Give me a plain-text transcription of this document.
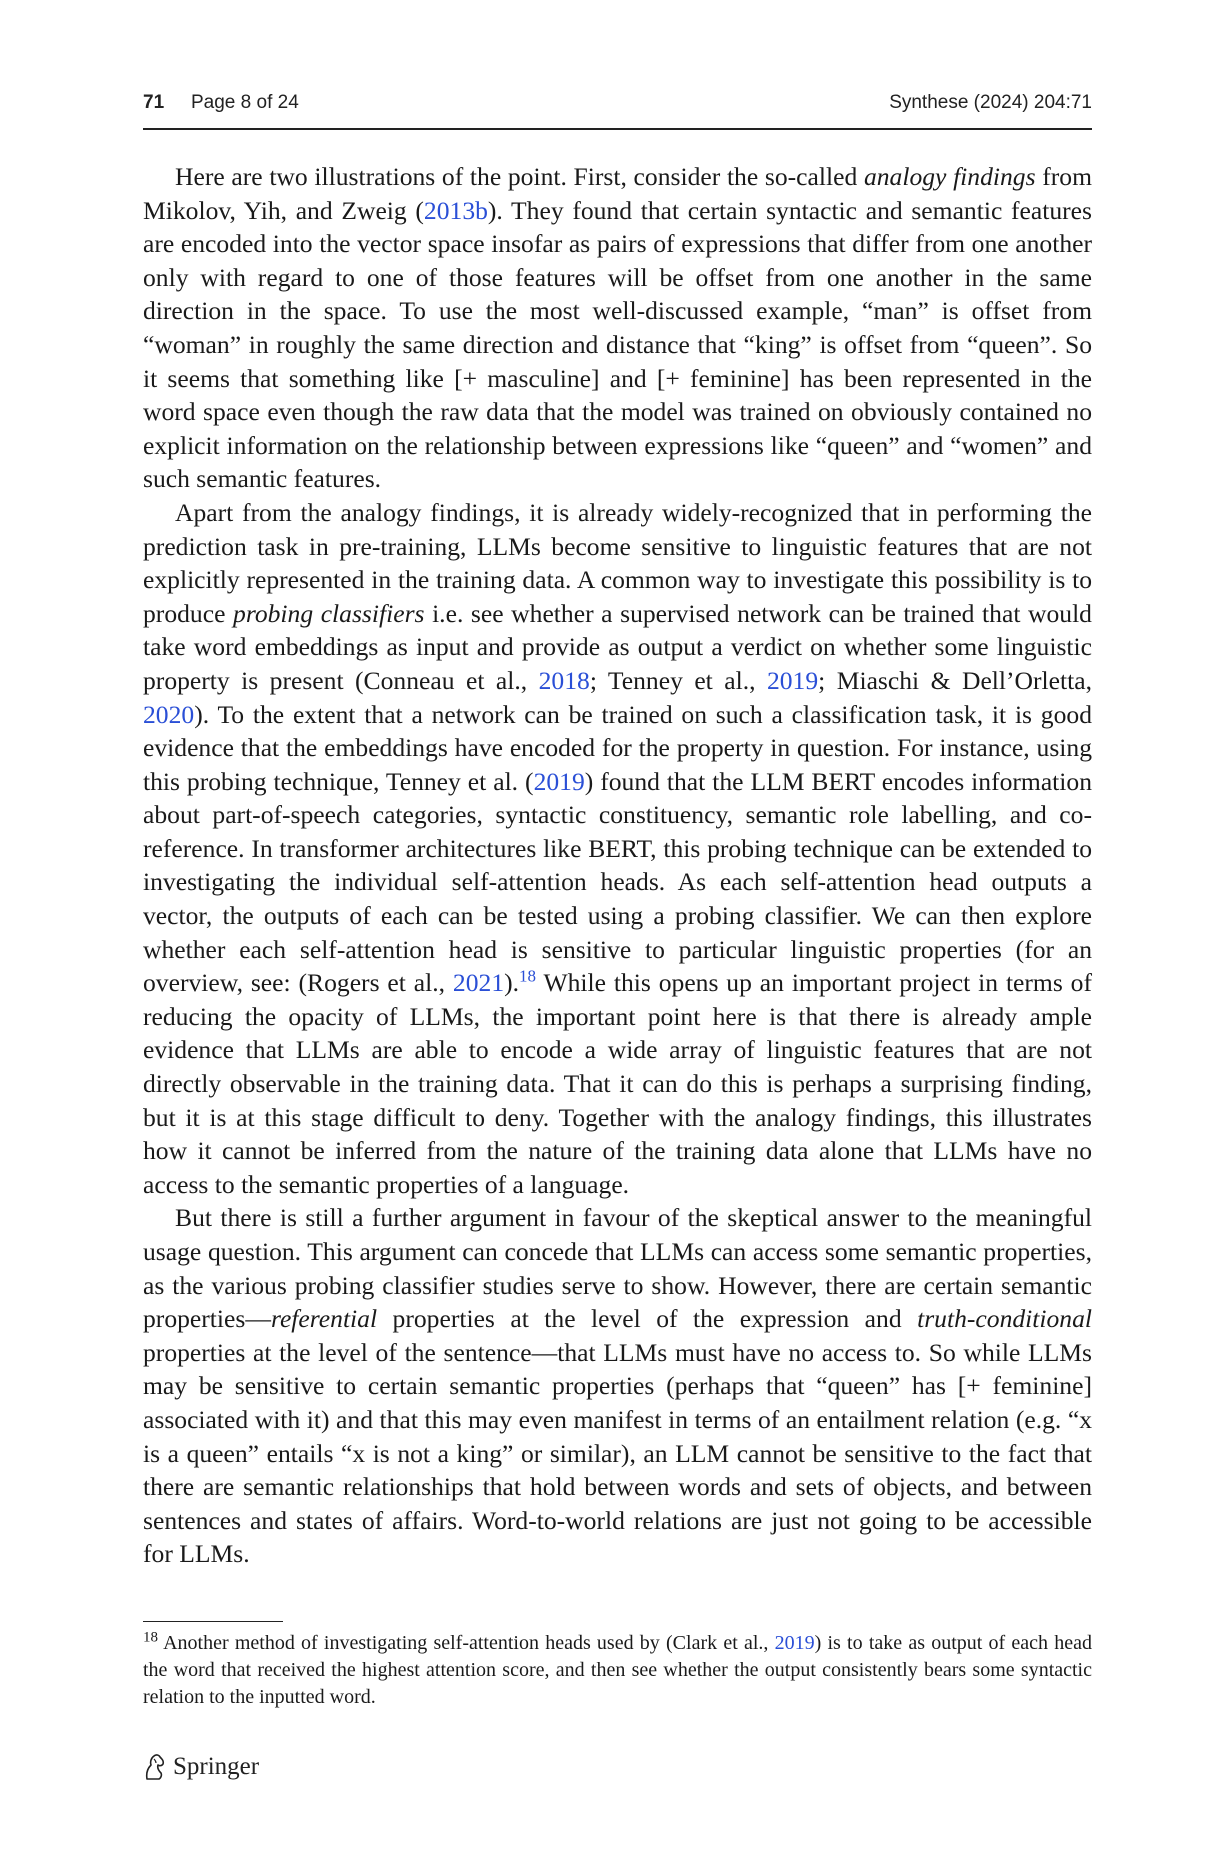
71 Page 8 of 24	Synthese (2024) 204:71

Here are two illustrations of the point. First, consider the so-called analogy findings from Mikolov, Yih, and Zweig (2013b). They found that certain syntactic and semantic features are encoded into the vector space insofar as pairs of expressions that differ from one another only with regard to one of those features will be offset from one another in the same direction in the space. To use the most well-discussed example, “man” is offset from “woman” in roughly the same direction and distance that “king” is offset from “queen”. So it seems that something like [+ masculine] and [+ feminine] has been represented in the word space even though the raw data that the model was trained on obviously contained no explicit information on the relationship between expressions like “queen” and “women” and such semantic features.

Apart from the analogy findings, it is already widely-recognized that in performing the prediction task in pre-training, LLMs become sensitive to linguistic features that are not explicitly represented in the training data. A common way to investigate this possibility is to produce probing classifiers i.e. see whether a supervised network can be trained that would take word embeddings as input and provide as output a verdict on whether some linguistic property is present (Conneau et al., 2018; Tenney et al., 2019; Miaschi & Dell’Orletta, 2020). To the extent that a network can be trained on such a classification task, it is good evidence that the embeddings have encoded for the property in question. For instance, using this probing technique, Tenney et al. (2019) found that the LLM BERT encodes information about part-of-speech categories, syntactic constituency, semantic role labelling, and co-reference. In transformer architectures like BERT, this probing technique can be extended to investigating the individual self-attention heads. As each self-attention head outputs a vector, the outputs of each can be tested using a probing classifier. We can then explore whether each self-attention head is sensitive to particular linguistic properties (for an overview, see: (Rogers et al., 2021).$^{18}$ While this opens up an important project in terms of reducing the opacity of LLMs, the important point here is that there is already ample evidence that LLMs are able to encode a wide array of linguistic features that are not directly observable in the training data. That it can do this is perhaps a surprising finding, but it is at this stage difficult to deny. Together with the analogy findings, this illustrates how it cannot be inferred from the nature of the training data alone that LLMs have no access to the semantic properties of a language.

But there is still a further argument in favour of the skeptical answer to the meaningful usage question. This argument can concede that LLMs can access some semantic properties, as the various probing classifier studies serve to show. However, there are certain semantic properties—referential properties at the level of the expression and truth-conditional properties at the level of the sentence—that LLMs must have no access to. So while LLMs may be sensitive to certain semantic properties (perhaps that “queen” has [+ feminine] associated with it) and that this may even manifest in terms of an entailment relation (e.g. “x is a queen” entails “x is not a king” or similar), an LLM cannot be sensitive to the fact that there are semantic relationships that hold between words and sets of objects, and between sentences and states of affairs. Word-to-world relations are just not going to be accessible for LLMs.

$^{18}$ Another method of investigating self-attention heads used by (Clark et al., 2019) is to take as output of each head the word that received the highest attention score, and then see whether the output consistently bears some syntactic relation to the inputted word.
Springer
